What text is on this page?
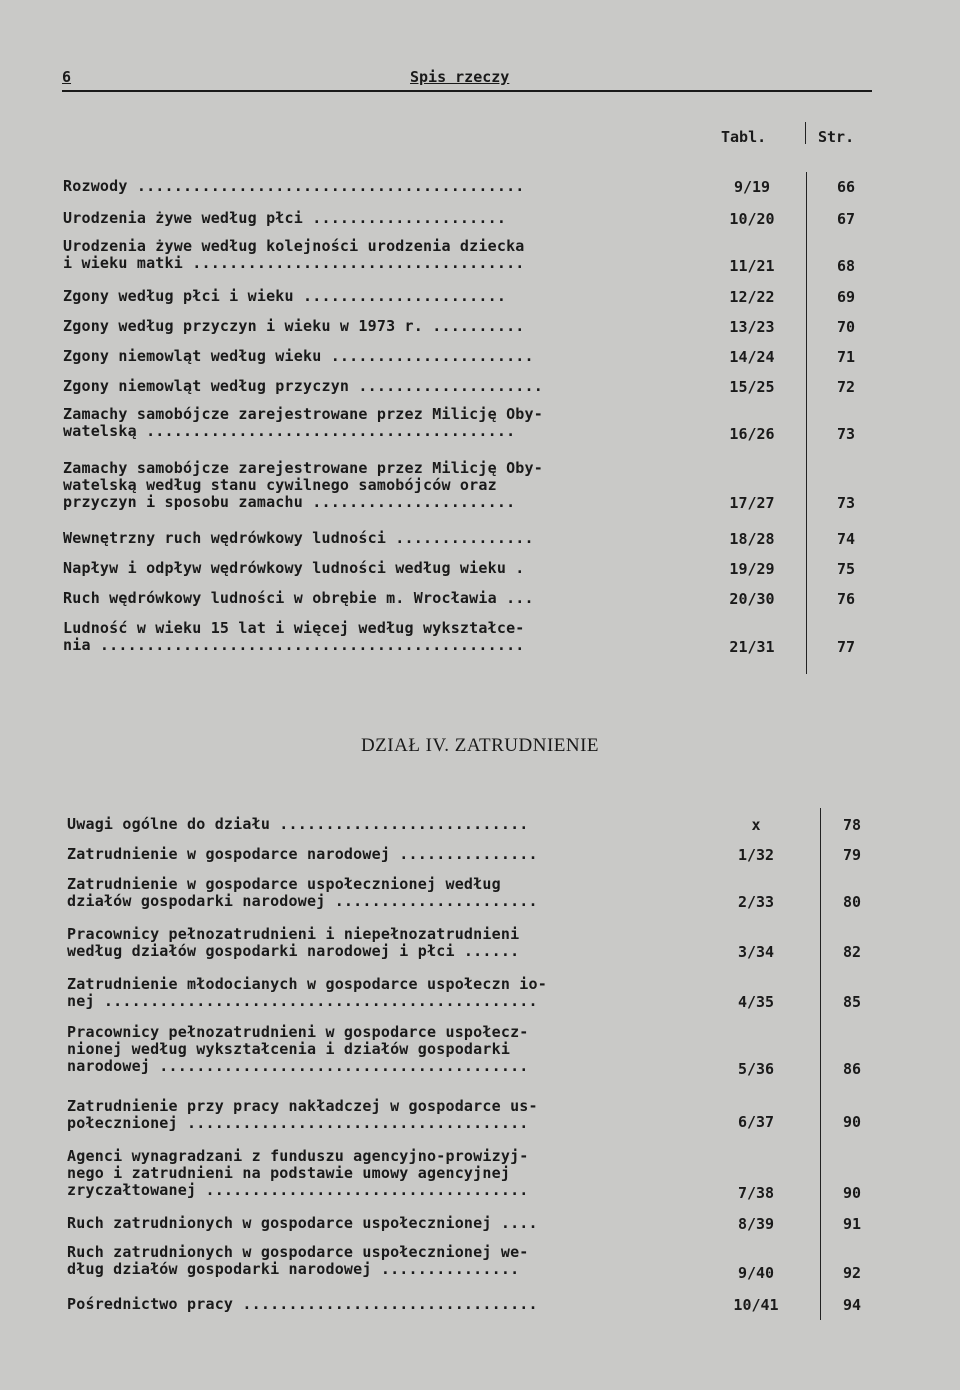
6	Spis rzeczy
Tabl.	Str.
DZIAŁ IV. ZATRUDNIENIE
Rozwody ..........................................	9/19	66
Urodzenia żywe według płci .....................	10/20	67
Urodzenia żywe według kolejności urodzenia dziecka
i wieku matki ....................................	11/21	68
Zgony według płci i wieku ......................	12/22	69
Zgony według przyczyn i wieku w 1973 r. ..........	13/23	70
Zgony niemowląt według wieku ......................	14/24	71
Zgony niemowląt według przyczyn ....................	15/25	72
Zamachy samobójcze zarejestrowane przez Milicję Oby-
watelską ........................................	16/26	73
Zamachy samobójcze zarejestrowane przez Milicję Oby-
watelską według stanu cywilnego samobójców oraz
przyczyn i sposobu zamachu ......................	17/27	73
Wewnętrzny ruch wędrówkowy ludności ...............	18/28	74
Napływ i odpływ wędrówkowy ludności według wieku .	19/29	75
Ruch wędrówkowy ludności w obrębie m. Wrocławia ...	20/30	76
Ludność w wieku 15 lat i więcej według wykształce-
nia ..............................................	21/31	77
Uwagi ogólne do działu ...........................	x	78
Zatrudnienie w gospodarce narodowej ...............	1/32	79
Zatrudnienie w gospodarce uspołecznionej według
działów gospodarki narodowej ......................	2/33	80
Pracownicy pełnozatrudnieni i niepełnozatrudnieni
według działów gospodarki narodowej i płci ......	3/34	82
Zatrudnienie młodocianych w gospodarce uspołeczn io-
nej ...............................................	4/35	85
Pracownicy pełnozatrudnieni w gospodarce uspołecz-
nionej według wykształcenia i działów gospodarki
narodowej ........................................	5/36	86
Zatrudnienie przy pracy nakładczej w gospodarce us-
połecznionej .....................................	6/37	90
Agenci wynagradzani z funduszu agencyjno-prowizyj-
nego i zatrudnieni na podstawie umowy agencyjnej
zryczałtowanej ...................................	7/38	90
Ruch zatrudnionych w gospodarce uspołecznionej ....	8/39	91
Ruch zatrudnionych w gospodarce uspołecznionej we-
dług działów gospodarki narodowej ...............	9/40	92
Pośrednictwo pracy ................................	10/41	94
